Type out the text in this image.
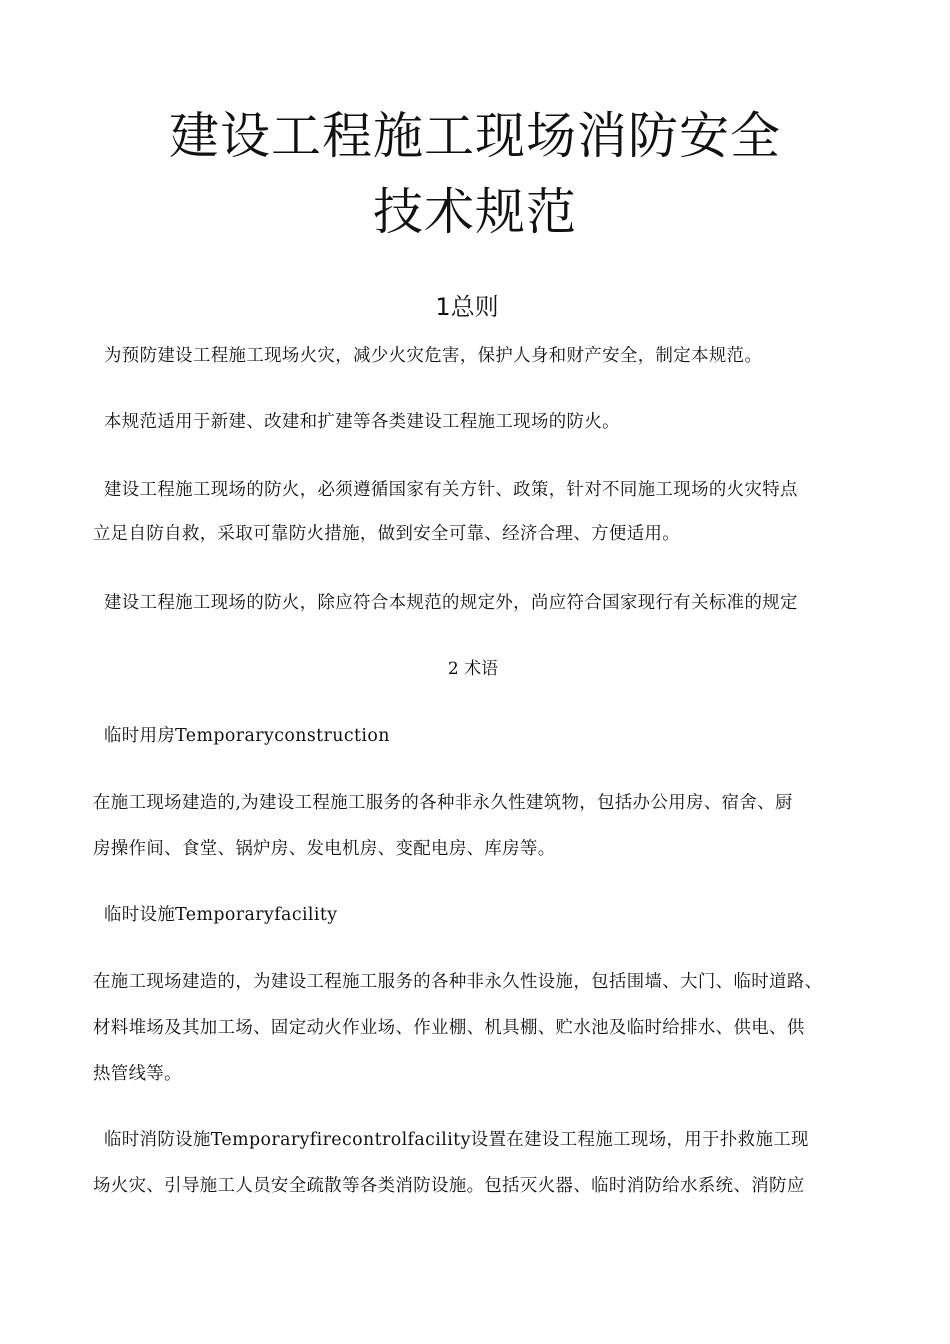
建设工程施工现场消防安全
技术规范
1总则
为预防建设工程施工现场火灾，减少火灾危害，保护人身和财产安全，制定本规范。
本规范适用于新建、改建和扩建等各类建设工程施工现场的防火。
建设工程施工现场的防火，必须遵循国家有关方针、政策，针对不同施工现场的火灾特点
立足自防自救，采取可靠防火措施，做到安全可靠、经济合理、方便适用。
建设工程施工现场的防火，除应符合本规范的规定外，尚应符合国家现行有关标准的规定
2 术语
临时用房Temporaryconstruction
在施工现场建造的,为建设工程施工服务的各种非永久性建筑物，包括办公用房、宿舍、厨
房操作间、食堂、锅炉房、发电机房、变配电房、库房等。
临时设施Temporaryfacility
在施工现场建造的，为建设工程施工服务的各种非永久性设施，包括围墙、大门、临时道路、
材料堆场及其加工场、固定动火作业场、作业棚、机具棚、贮水池及临时给排水、供电、供
热管线等。
临时消防设施Temporaryfirecontrolfacility设置在建设工程施工现场，用于扑救施工现
场火灾、引导施工人员安全疏散等各类消防设施。包括灭火器、临时消防给水系统、消防应
